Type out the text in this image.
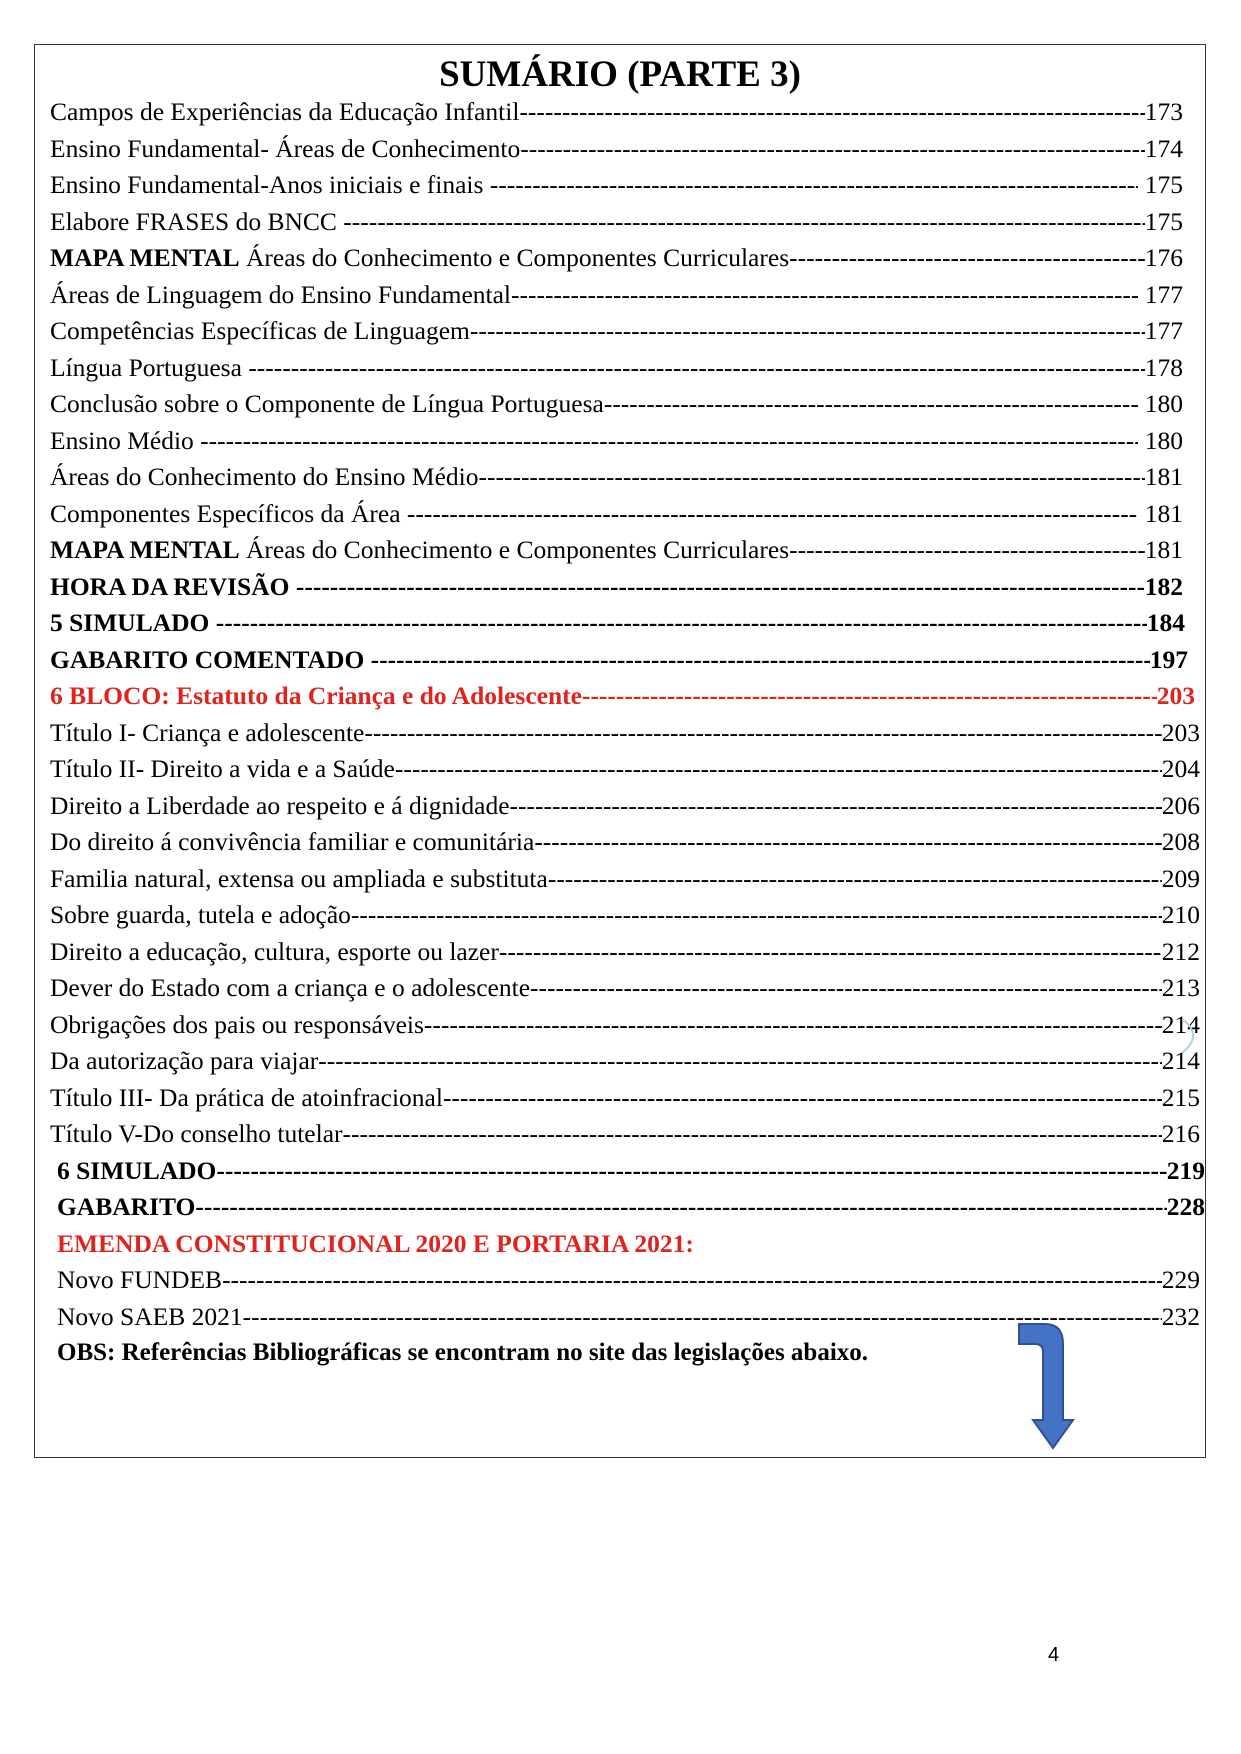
SUMÁRIO (PARTE 3)
Campos de Experiências da Educação Infantil -----	173
Ensino Fundamental- Áreas de Conhecimento -----	174
Ensino Fundamental-Anos iniciais e finais -----	175
Elabore FRASES do BNCC -----	175
MAPA MENTAL Áreas do Conhecimento e Componentes Curriculares -----	176
Áreas de Linguagem do Ensino Fundamental -----	177
Competências Específicas de Linguagem -----	177
Língua Portuguesa -----	178
Conclusão sobre o Componente de Língua Portuguesa -----	180
Ensino Médio -----	180
Áreas do Conhecimento do Ensino Médio -----	181
Componentes Específicos da Área -----	181
MAPA MENTAL Áreas do Conhecimento e Componentes Curriculares -----	181
HORA DA REVISÃO -----	182
5 SIMULADO -----	184
GABARITO COMENTADO -----	197
6 BLOCO: Estatuto da Criança e do Adolescente -----	203
Título I- Criança e adolescente -----	203
Título II- Direito a vida e a Saúde -----	204
Direito a Liberdade ao respeito e á dignidade -----	206
Do direito á convivência familiar e comunitária -----	208
Familia natural, extensa ou ampliada e substituta -----	209
Sobre guarda, tutela e adoção -----	210
Direito a educação, cultura, esporte ou lazer -----	212
Dever do Estado com a criança e o adolescente -----	213
Obrigações dos pais ou responsáveis -----	214
Da autorização para viajar -----	214
Título III- Da prática de atoinfracional -----	215
Título V-Do conselho tutelar -----	216
6 SIMULADO -----	219
GABARITO -----	228
EMENDA CONSTITUCIONAL 2020 E PORTARIA 2021:
Novo FUNDEB -----	229
Novo SAEB 2021 -----	232
OBS: Referências Bibliográficas se encontram no site das legislações abaixo.
4
